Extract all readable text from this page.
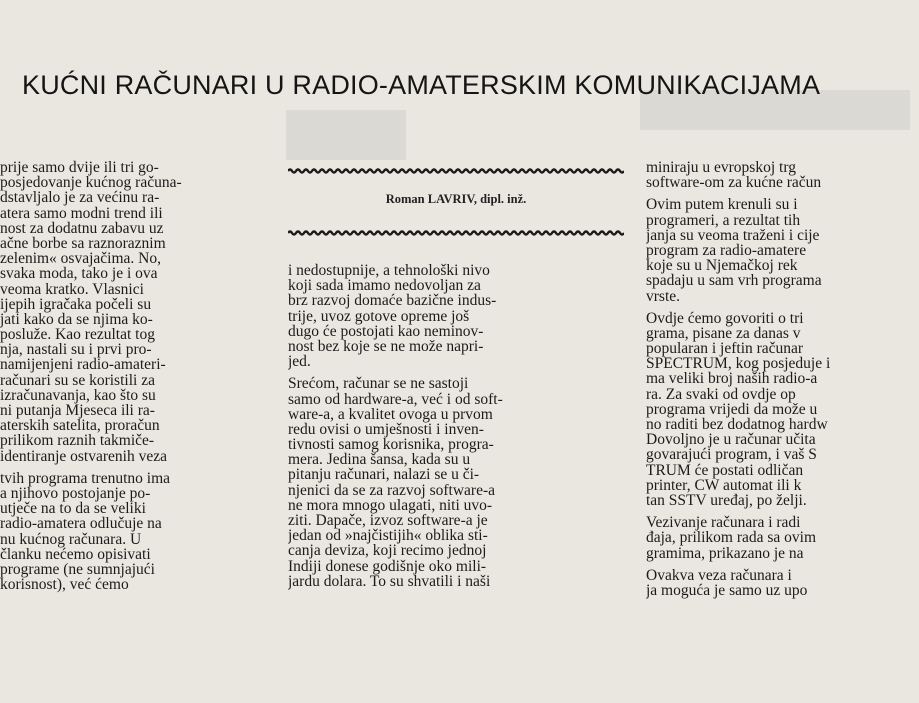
KUĆNI RAČUNARI U RADIO-AMATERSKIM KOMUNIKACIJAMA
Roman LAVRIV, dipl. inž.

prije samo dvije ili tri go-
posjedovanje kućnog računa-
dstavljalo je za većinu ra-
atera samo modni trend ili
nost za dodatnu zabavu uz
ačne borbe sa raznoraznim
zelenim« osvajačima. No,
svaka moda, tako je i ova
veoma kratko. Vlasnici
ijepih igračaka počeli su
jati kako da se njima ko-
posluže. Kao rezultat tog
nja, nastali su i prvi pro-
namijenjeni radio-amateri-
računari su se koristili za
izračunavanja, kao što su
ni putanja Mjeseca ili ra-
aterskih satelita, proračun
prilikom raznih takmiče-
identiranje ostvarenih veza

tvih programa trenutno ima
a njihovo postojanje po-
utječe na to da se veliki
radio-amatera odlučuje na
nu kućnog računara. U
članku nećemo opisivati
programe (ne sumnjajući
korisnost), već ćemo

i nedostupnije, a tehnološki nivo
koji sada imamo nedovoljan za
brz razvoj domaće bazične indus-
trije, uvoz gotove opreme još
dugo će postojati kao neminov-
nost bez koje se ne može napri-
jed.

Srećom, računar se ne sastoji
samo od hardware-a, već i od soft-
ware-a, a kvalitet ovoga u prvom
redu ovisi o umješnosti i inven-
tivnosti samog korisnika, progra-
mera. Jedina šansa, kada su u
pitanju računari, nalazi se u či-
njenici da se za razvoj software-a
ne mora mnogo ulagati, niti uvo-
ziti. Dapače, izvoz software-a je
jedan od »najčistijih« oblika sti-
canja deviza, koji recimo jednoj
Indiji donese godišnje oko mili-
jardu dolara. To su shvatili i naši

miniraju u evropskoj trg
software-om za kućne račun

Ovim putem krenuli su i
programeri, a rezultat tih
janja su veoma traženi i cije
program za radio-amatere
koje su u Njemačkoj rek
spadaju u sam vrh programa
vrste.

Ovdje ćemo govoriti o tri
grama, pisane za danas v
popularan i jeftin računar
SPECTRUM, kog posjeduje i
ma veliki broj naših radio-a
ra. Za svaki od ovdje op
programa vrijedi da može u
no raditi bez dodatnog hardw
Dovoljno je u računar učita
govarajući program, i vaš S
TRUM će postati odličan
printer, CW automat ili k
tan SSTV uređaj, po želji.

Vezivanje računara i radi
đaja, prilikom rada sa ovim
gramima, prikazano je na

Ovakva veza računara i
ja moguća je samo uz upo
